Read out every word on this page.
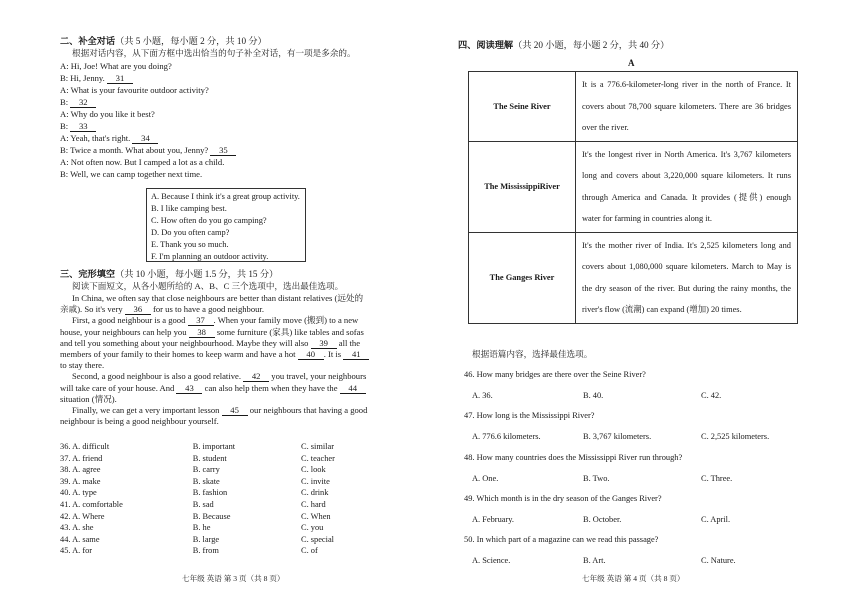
二、补全对话（共 5 小题，每小题 2 分，共 10 分）
根据对话内容，从下面方框中选出恰当的句子补全对话，有一项是多余的。
A: Hi, Joe! What are you doing?
B: Hi, Jenny. 31
A: What is your favourite outdoor activity?
B: 32
A: Why do you like it best?
B: 33
A: Yeah, that's right. 34
B: Twice a month. What about you, Jenny? 35
A: Not often now. But I camped a lot as a child.
B: Well, we can camp together next time.
A. Because I think it's a great group activity.
B. I like camping best.
C. How often do you go camping?
D. Do you often camp?
E. Thank you so much.
F. I'm planning an outdoor activity.
三、完形填空（共 10 小题，每小题 1.5 分，共 15 分）
阅读下面短文，从各小题所给的 A、B、C 三个选项中，选出最佳选项。
In China, we often say that close neighbours are better than distant relatives (远处的
亲戚). So it's very 36 for us to have a good neighbour.
First, a good neighbour is a good 37 . When your family move (搬到) to a new
house, your neighbours can help you 38 some furniture (家具) like tables and sofas
and tell you something about your neighbourhood. Maybe they will also 39 all the
members of your family to their homes to keep warm and have a hot 40 . It is 41
to stay there.
Second, a good neighbour is also a good relative. 42 you travel, your neighbours
will take care of your house. And 43 can also help them when they have the 44
situation (情况).
Finally, we can get a very important lesson 45 our neighbours that having a good
neighbour is being a good neighbour yourself.
36. A. difficult	B. important	C. similar
37. A. friend	B. student	C. teacher
38. A. agree	B. carry	C. look
39. A. make	B. skate	C. invite
40. A. type	B. fashion	C. drink
41. A. comfortable	B. sad	C. hard
42. A. Where	B. Because	C. When
43. A. she	B. he	C. you
44. A. same	B. large	C. special
45. A. for	B. from	C. of
七年级 英语 第 3 页（共 8 页）
四、阅读理解（共 20 小题，每小题 2 分，共 40 分）
A
The Seine River	It is a 776.6-kilometer-long river in the north of France. It covers about 78,700 square kilometers. There are 36 bridges over the river.
The MississippiRiver	It's the longest river in North America. It's 3,767 kilometers long and covers about 3,220,000 square kilometers. It runs through America and Canada. It provides (提供) enough water for farming in countries along it.
The Ganges River	It's the mother river of India. It's 2,525 kilometers long and covers about 1,080,000 square kilometers. March to May is the dry season of the river. But during the rainy months, the river's flow (流潮) can expand (增加) 20 times.
根据语篇内容，选择最佳选项。
46. How many bridges are there over the Seine River?
A. 36.	B. 40.	C. 42.
47. How long is the Mississippi River?
A. 776.6 kilometers.	B. 3,767 kilometers.	C. 2,525 kilometers.
48. How many countries does the Mississippi River run through?
A. One.	B. Two.	C. Three.
49. Which month is in the dry season of the Ganges River?
A. February.	B. October.	C. April.
50. In which part of a magazine can we read this passage?
A. Science.	B. Art.	C. Nature.
七年级 英语 第 4 页（共 8 页）
